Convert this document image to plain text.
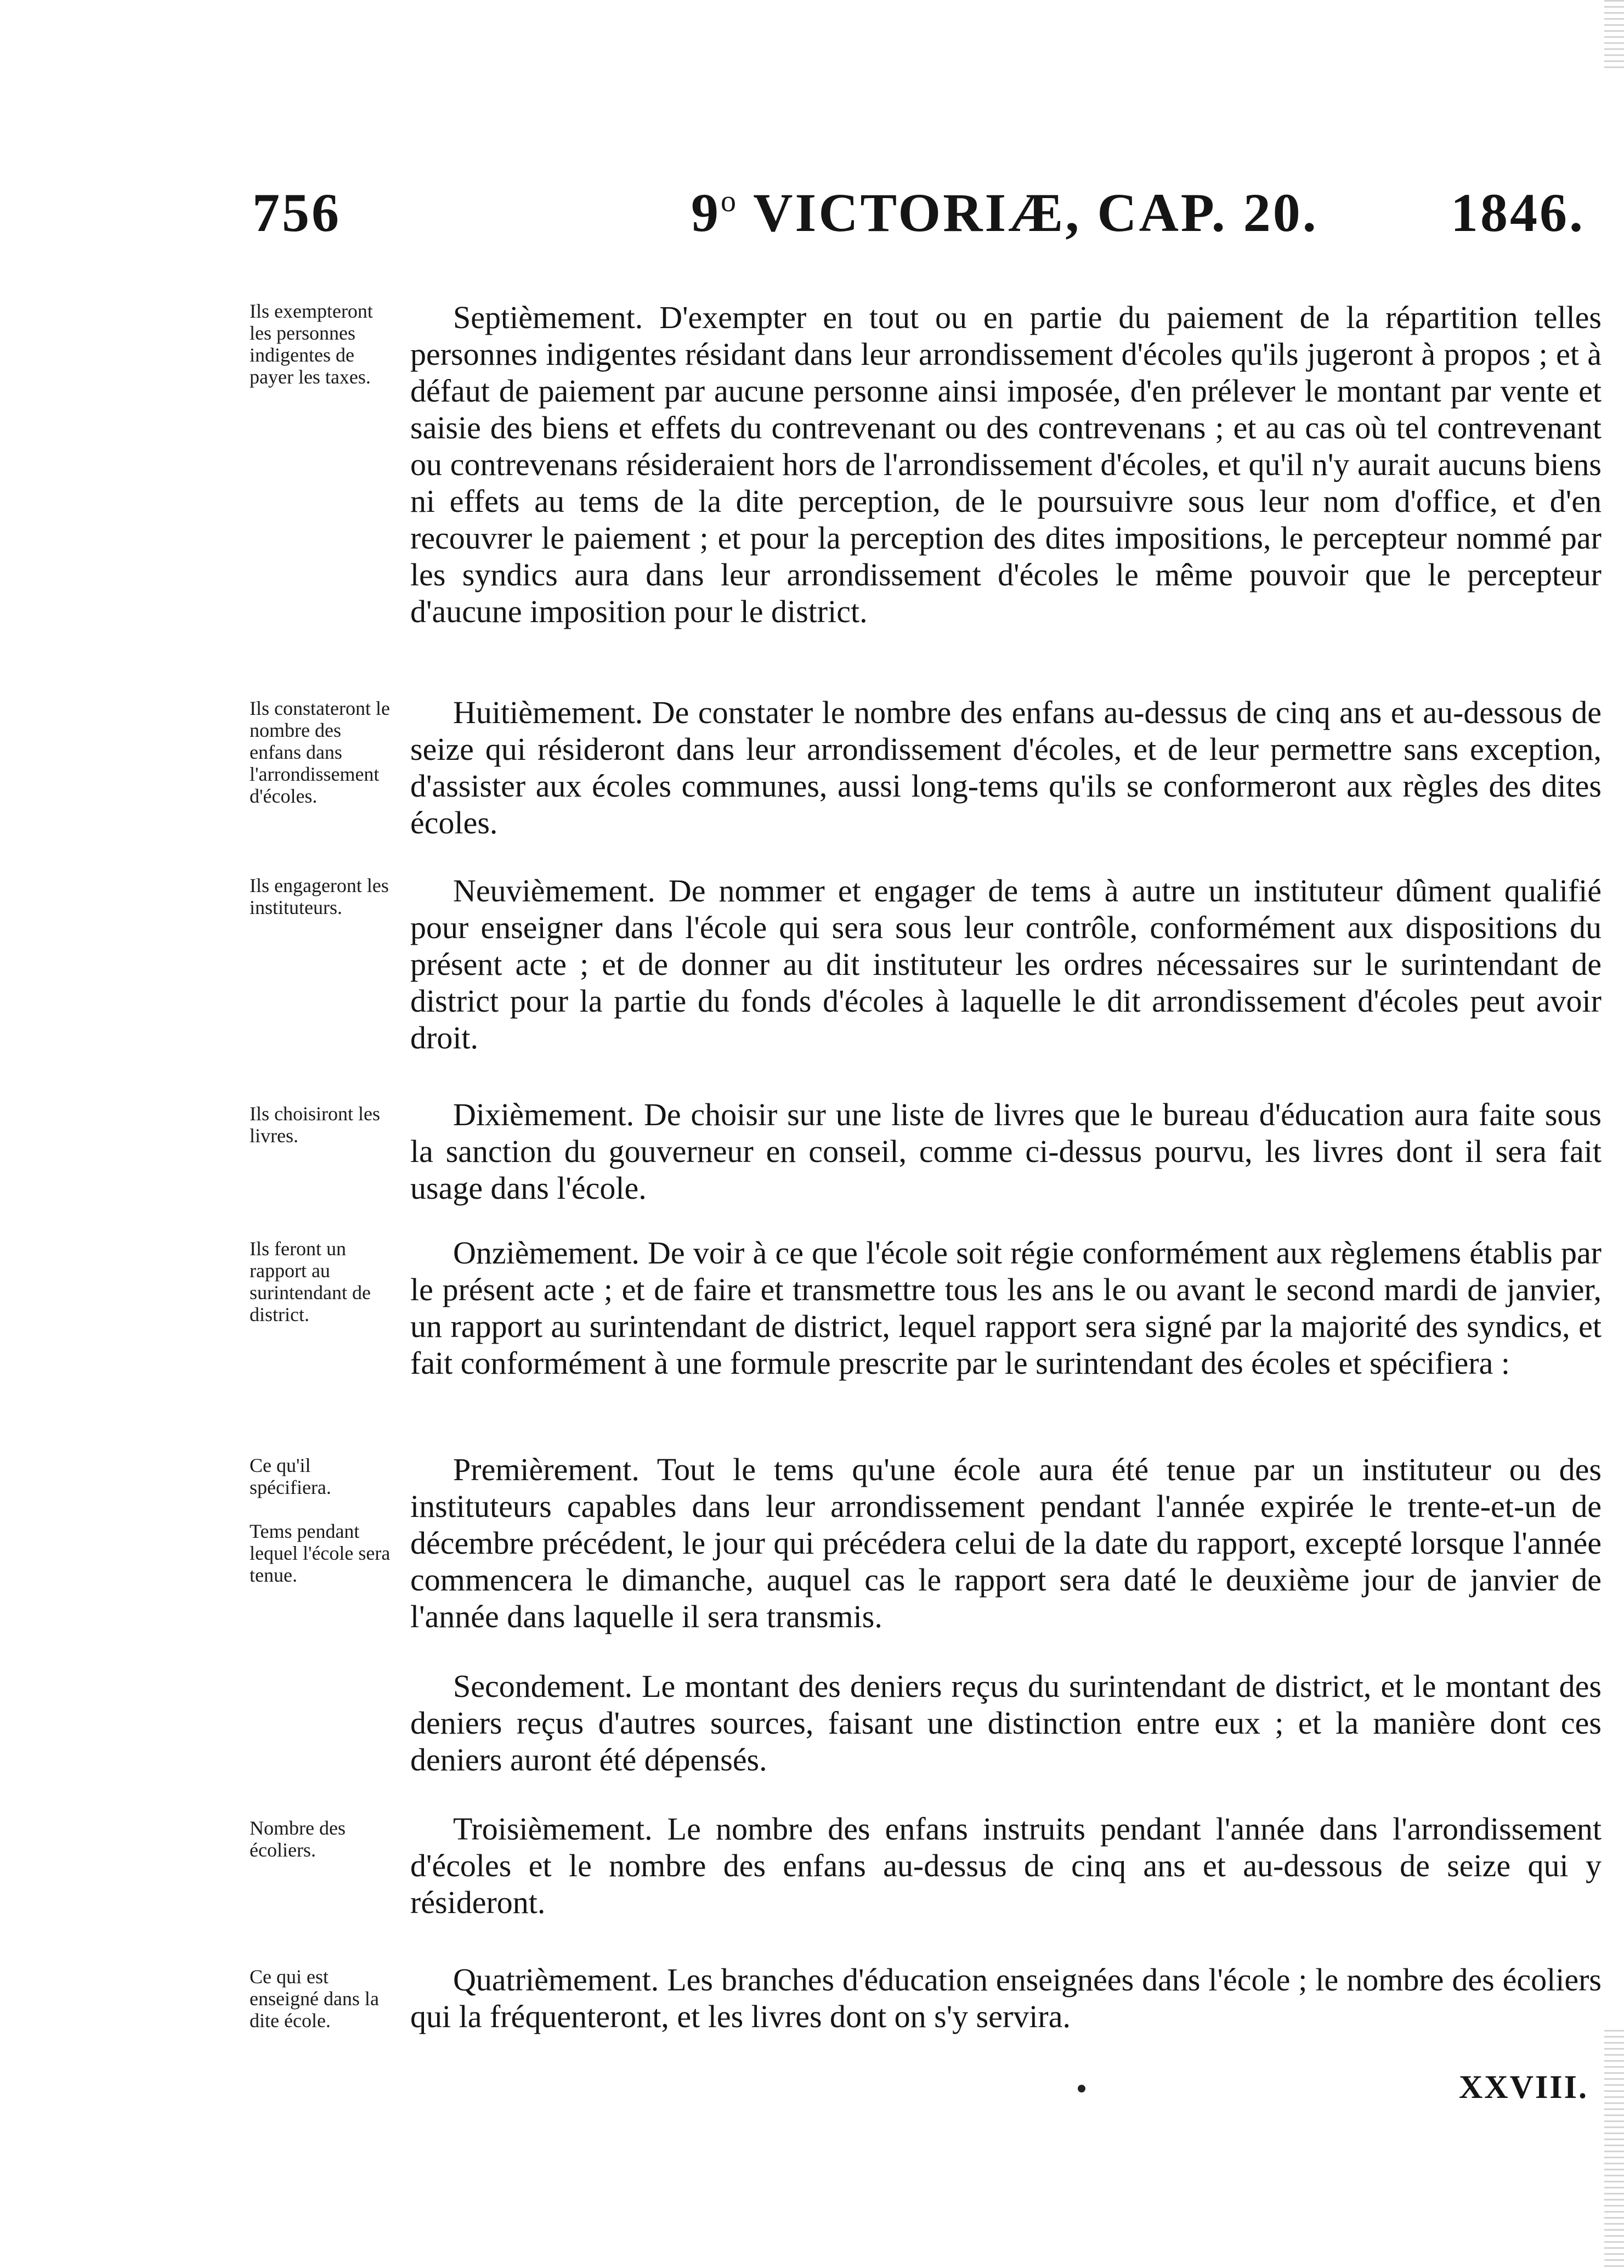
756	9$^o$ VICTORIÆ, CAP. 20. 1846.
Ils exempteront les personnes indigentes de payer les taxes.
Septièmement. D'exempter en tout ou en partie du paiement de la répartition telles personnes indigentes résidant dans leur arrondissement d'écoles qu'ils jugeront à propos ; et à défaut de paiement par aucune personne ainsi imposée, d'en prélever le montant par vente et saisie des biens et effets du contrevenant ou des contrevenans ; et au cas où tel contrevenant ou contrevenans résideraient hors de l'arrondissement d'écoles, et qu'il n'y aurait aucuns biens ni effets au tems de la dite perception, de le poursuivre sous leur nom d'office, et d'en recouvrer le paiement ; et pour la perception des dites impositions, le percepteur nommé par les syndics aura dans leur arrondissement d'écoles le même pouvoir que le percepteur d'aucune imposition pour le district.
Ils constateront le nombre des enfans dans l'arrondissement d'écoles.
Huitièmement. De constater le nombre des enfans au-dessus de cinq ans et au-dessous de seize qui résideront dans leur arrondissement d'écoles, et de leur permettre sans exception, d'assister aux écoles communes, aussi long-tems qu'ils se conformeront aux règles des dites écoles.
Ils engageront les instituteurs.	Neuvièmement. De nommer et engager de tems à autre un instituteur dûment qualifié pour enseigner dans l'école qui sera sous leur contrôle, conformément aux dispositions du présent acte ; et de donner au dit instituteur les ordres nécessaires sur le surintendant de district pour la partie du fonds d'écoles à laquelle le dit arrondissement d'écoles peut avoir droit.
Ils choisiront les livres.
Dixièmement. De choisir sur une liste de livres que le bureau d'éducation aura faite sous la sanction du gouverneur en conseil, comme ci-dessus pourvu, les livres dont il sera fait usage dans l'école.
Ils feront un rapport au surintendant de district.
Onzièmement. De voir à ce que l'école soit régie conformément aux règlemens établis par le présent acte ; et de faire et transmettre tous les ans le ou avant le second mardi de janvier, un rapport au surintendant de district, lequel rapport sera signé par la majorité des syndics, et fait conformément à une formule prescrite par le surintendant des écoles et spécifiera :
Ce qu'il spécifiera.
Tems pendant lequel l'école sera tenue.
Premièrement. Tout le tems qu'une école aura été tenue par un instituteur ou des instituteurs capables dans leur arrondissement pendant l'année expirée le trente-et-un de décembre précédent, le jour qui précédera celui de la date du rapport, excepté lorsque l'année commencera le dimanche, auquel cas le rapport sera daté le deuxième jour de janvier de l'année dans laquelle il sera transmis.
Secondement. Le montant des deniers reçus du surintendant de district, et le montant des deniers reçus d'autres sources, faisant une distinction entre eux ; et la manière dont ces deniers auront été dépensés.
Nombre des écoliers.
Troisièmement. Le nombre des enfans instruits pendant l'année dans l'arrondissement d'écoles et le nombre des enfans au-dessus de cinq ans et au-dessous de seize qui y résideront.
Ce qui est enseigné dans la dite école.
Quatrièmement. Les branches d'éducation enseignées dans l'école ; le nombre des écoliers qui la fréquenteront, et les livres dont on s'y servira.
XXVIII.
